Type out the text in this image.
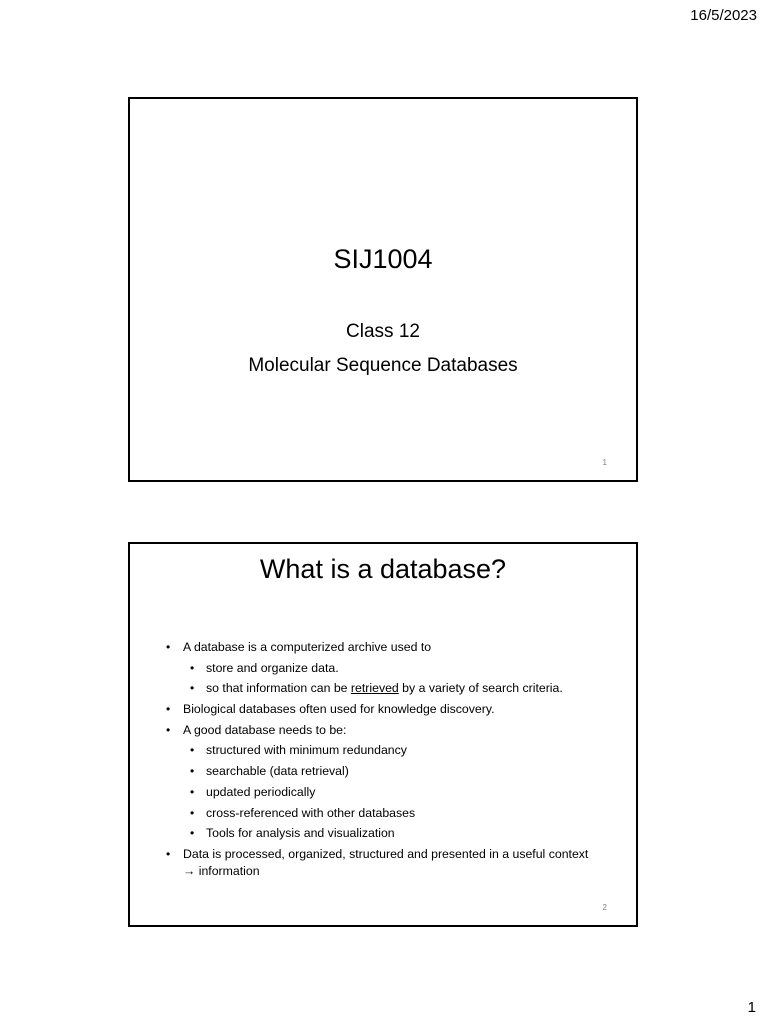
16/5/2023
SIJ1004
Class 12
Molecular Sequence Databases
1
What is a database?
• A database is a computerized archive used to
• store and organize data.
• so that information can be retrieved by a variety of search criteria.
• Biological databases often used for knowledge discovery.
• A good database needs to be:
• structured with minimum redundancy
• searchable (data retrieval)
• updated periodically
• cross-referenced with other databases
• Tools for analysis and visualization
• Data is processed, organized, structured and presented in a useful context
→ information
2
1
